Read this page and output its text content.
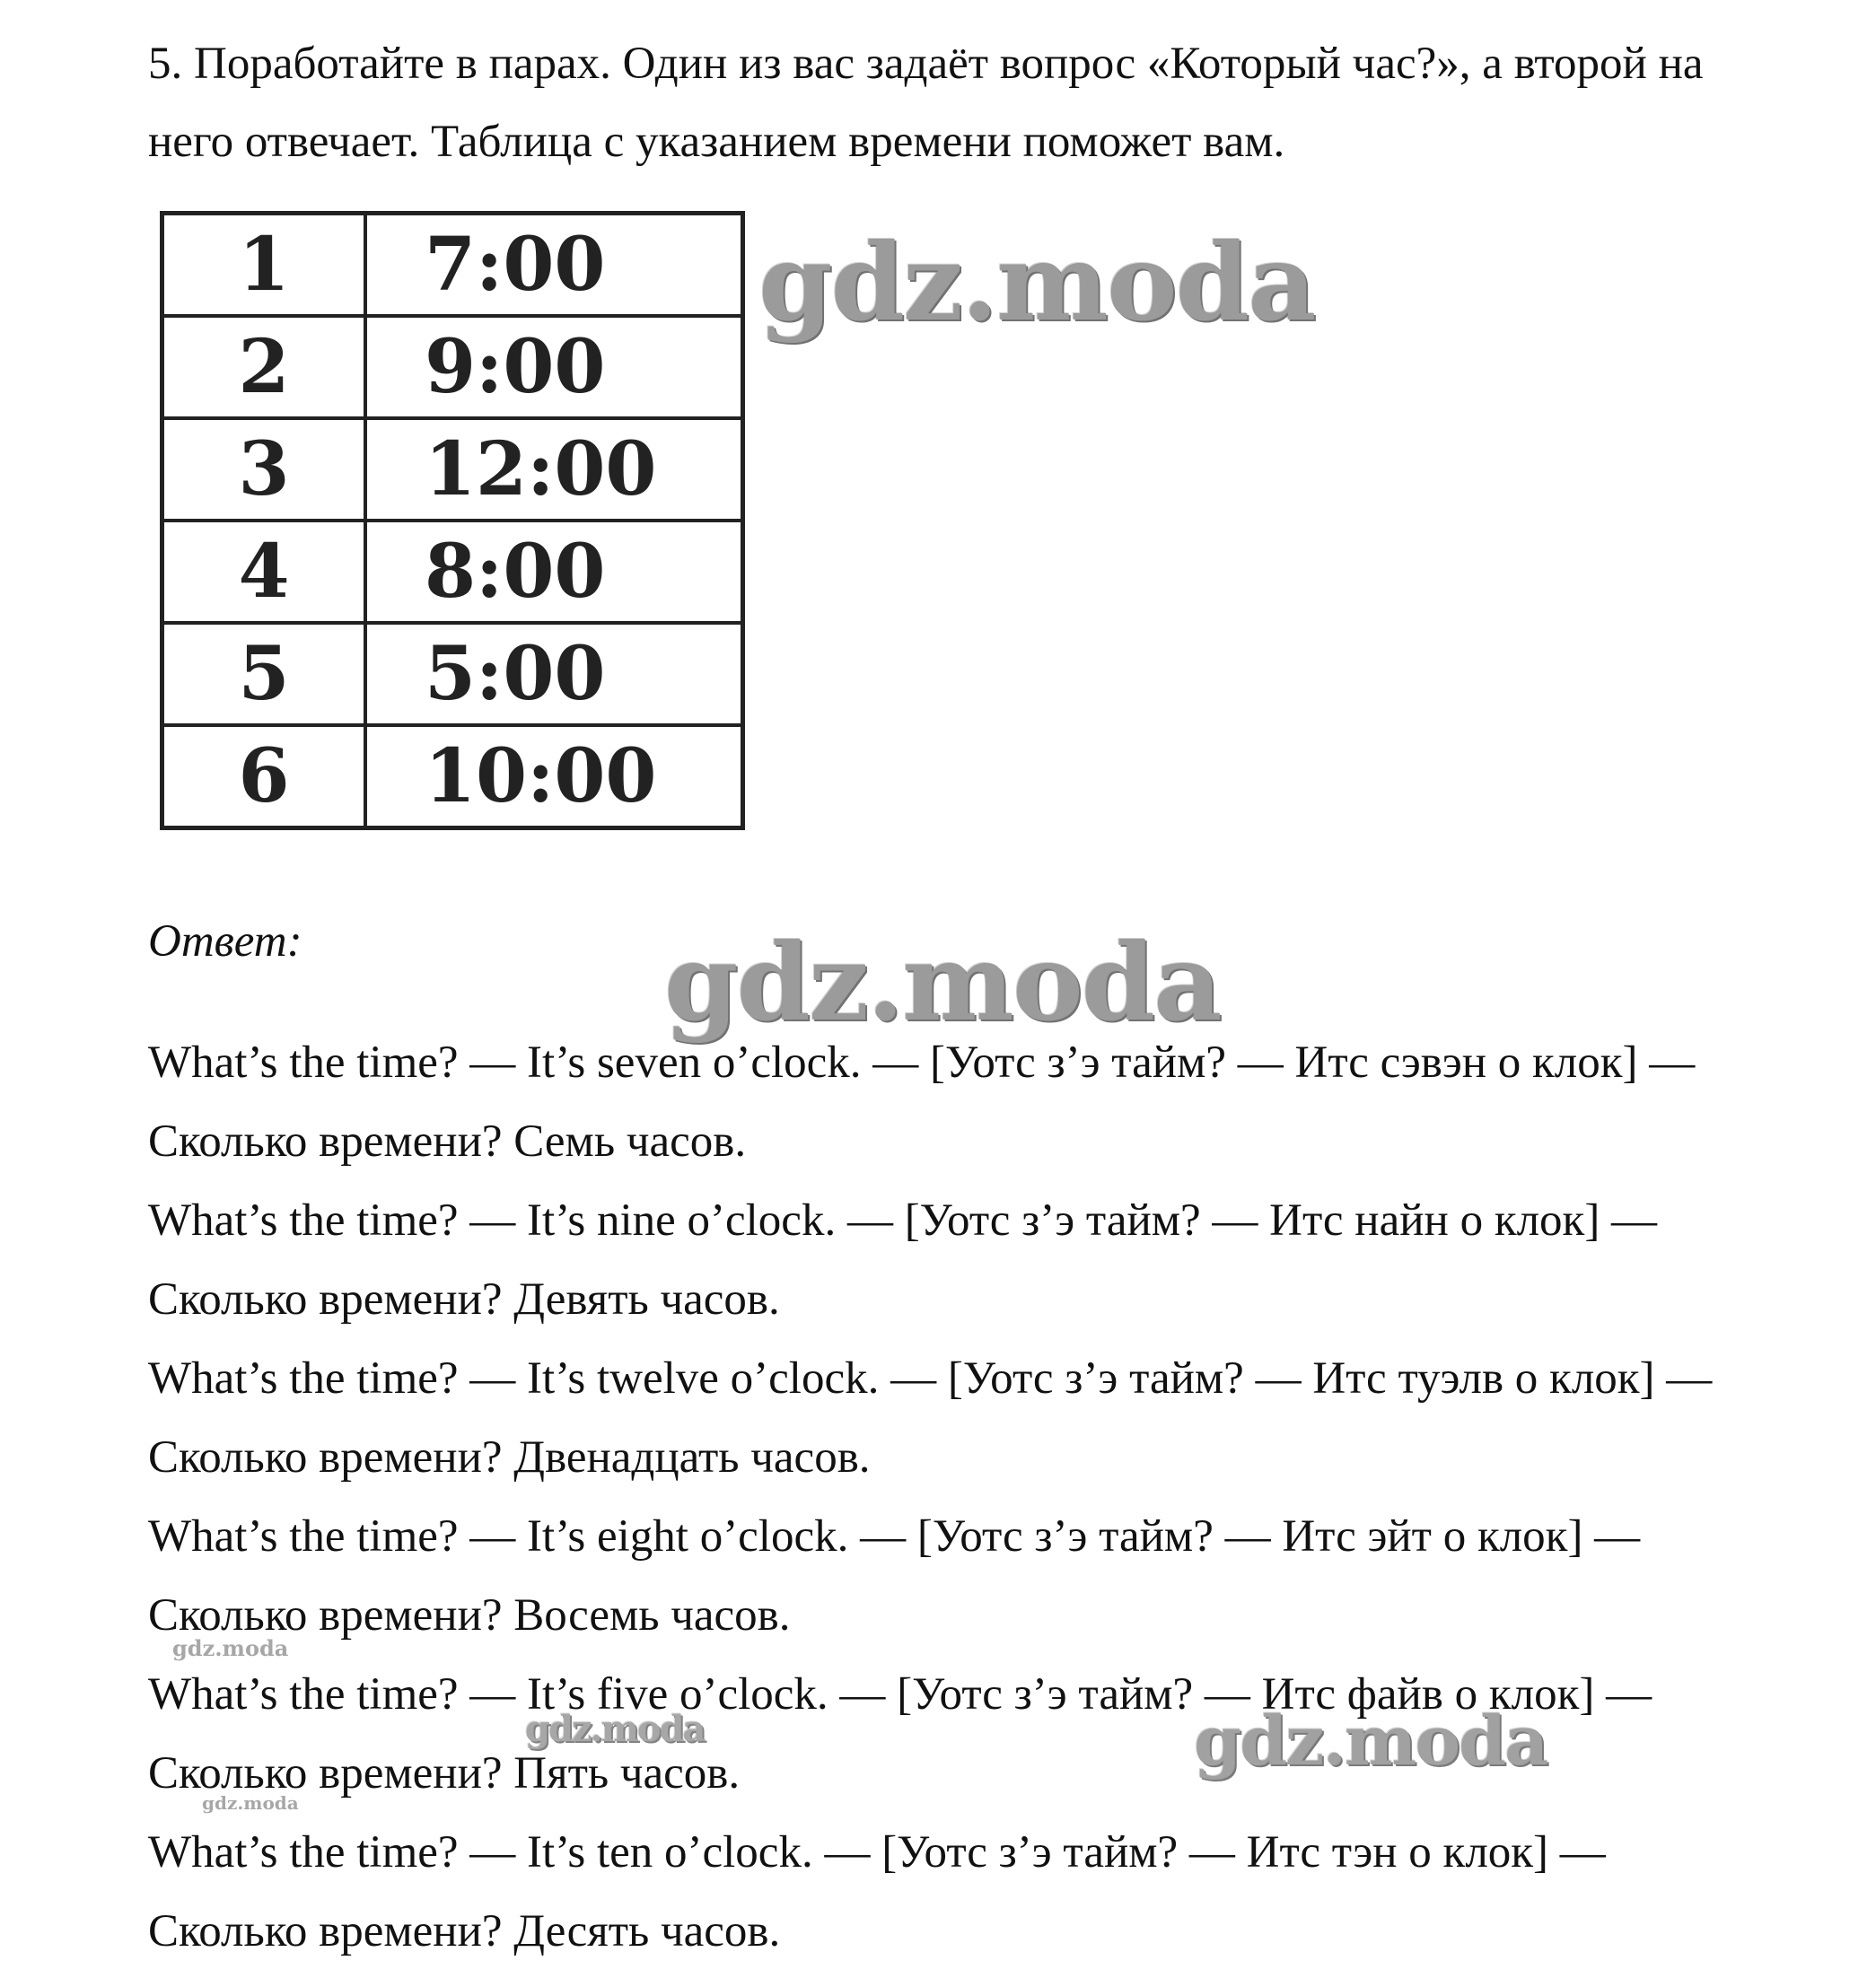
5. Поработайте в парах. Один из вас задаёт вопрос «Который час?», а второй на него отвечает. Таблица с указанием времени поможет вам.

1	7:00
2	9:00
3	12:00
4	8:00
5	5:00
6	10:00

Ответ:

What’s the time? — It’s seven o’clock. — [Уотс з’э тайм? — Итс сэвэн о клок] — Сколько времени? Семь часов.
What’s the time? — It’s nine o’clock. — [Уотс з’э тайм? — Итс найн о клок] — Сколько времени? Девять часов.
What’s the time? — It’s twelve o’clock. — [Уотс з’э тайм? — Итс туэлв о клок] — Сколько времени? Двенадцать часов.
What’s the time? — It’s eight o’clock. — [Уотс з’э тайм? — Итс эйт о клок] — Сколько времени? Восемь часов.
What’s the time? — It’s five o’clock. — [Уотс з’э тайм? — Итс файв о клок] — Сколько времени? Пять часов.
What’s the time? — It’s ten o’clock. — [Уотс з’э тайм? — Итс тэн о клок] — Сколько времени? Десять часов.
gdz.moda
gdz.moda
gdz.moda
gdz.moda
gdz.moda
gdz.moda
